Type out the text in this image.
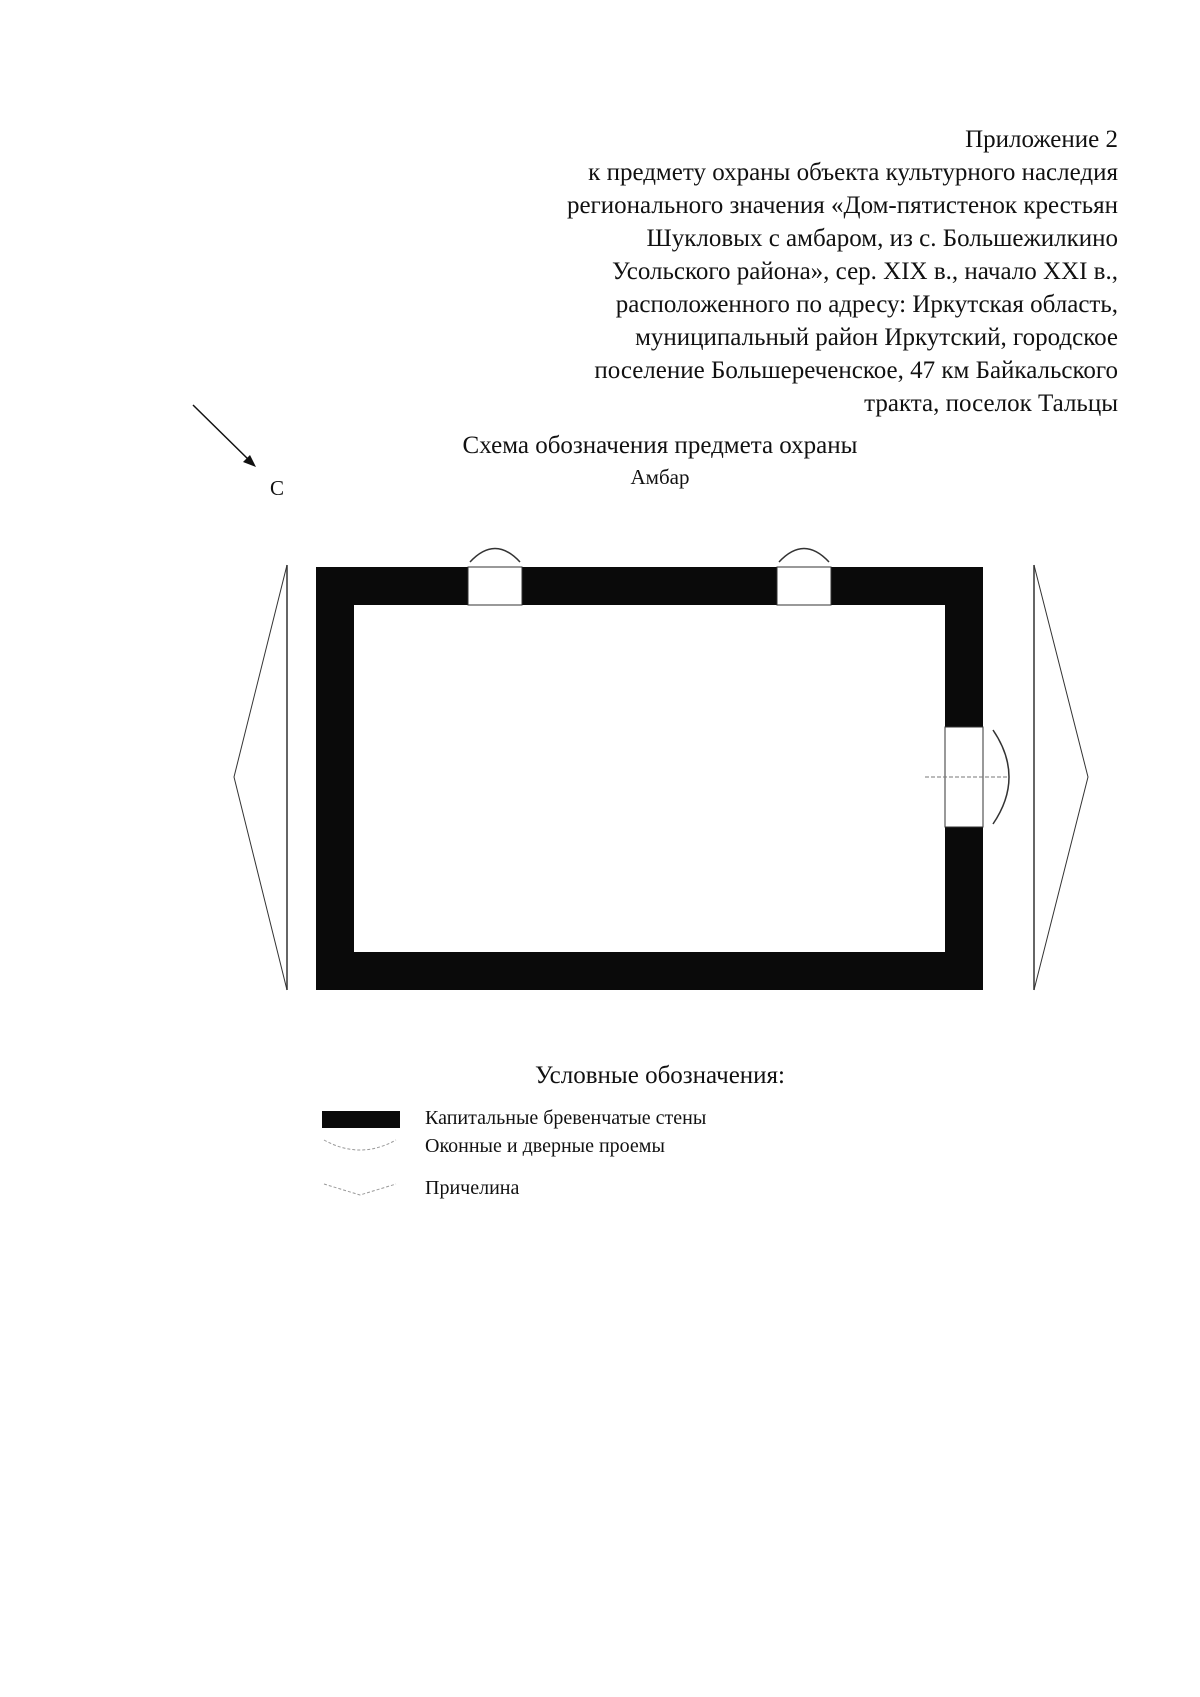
Приложение 2
к предмету охраны объекта культурного наследия
регионального значения «Дом-пятистенок крестьян
Шукловых с амбаром, из с. Большежилкино
Усольского района», сер. XIX в., начало XXI в.,
расположенного по адресу: Иркутская область,
муниципальный район Иркутский, городское
поселение Большереченское, 47 км Байкальского
тракта, поселок Тальцы
Схема обозначения предмета охраны
Амбар
С
Условные обозначения:
Капитальные бревенчатые стены
Оконные и дверные проемы
Причелина
